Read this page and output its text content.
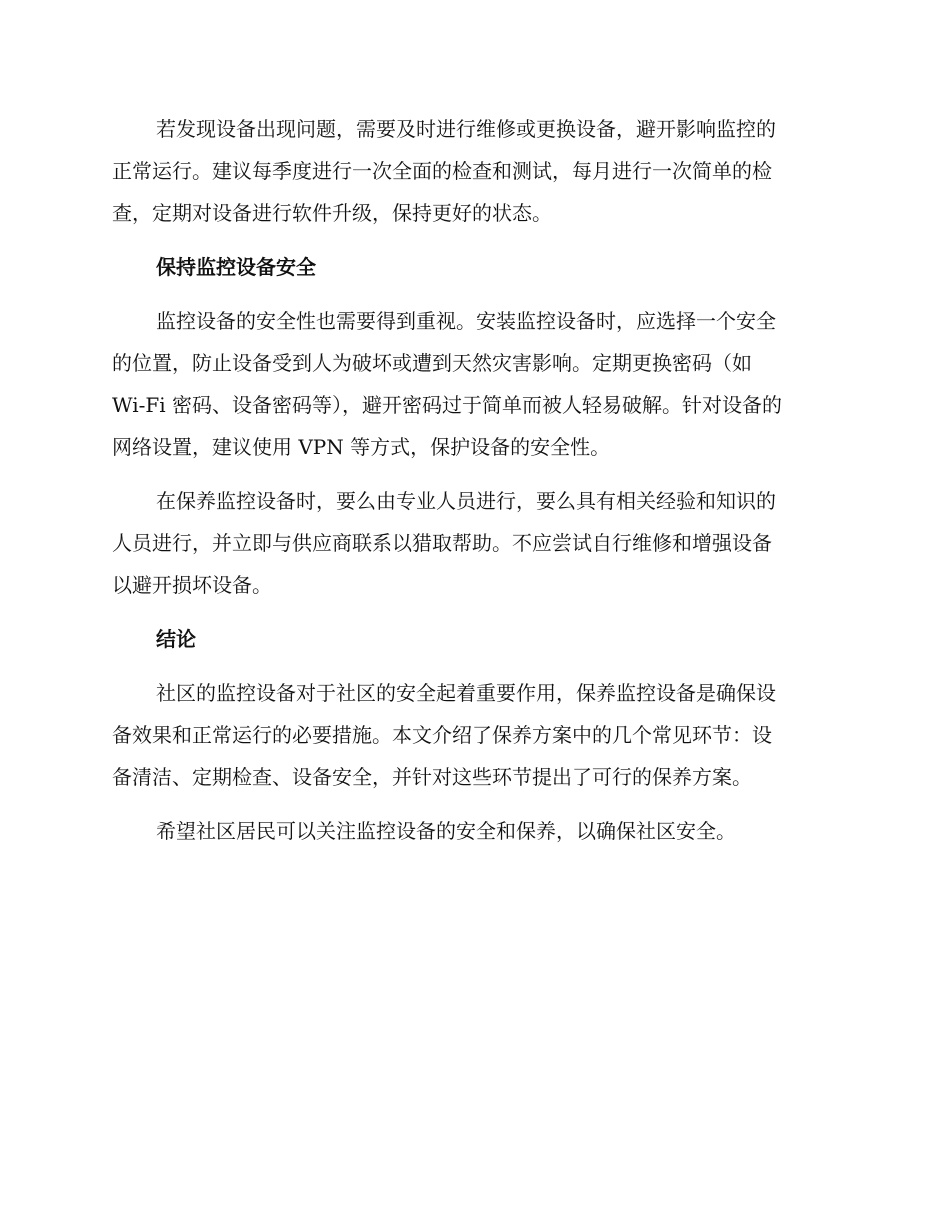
若发现设备出现问题，需要及时进行维修或更换设备，避开影响监控的
正常运行。建议每季度进行一次全面的检查和测试，每月进行一次简单的检
查，定期对设备进行软件升级，保持更好的状态。

保持监控设备安全

监控设备的安全性也需要得到重视。安装监控设备时，应选择一个安全
的位置，防止设备受到人为破坏或遭到天然灾害影响。定期更换密码（如
Wi-Fi 密码、设备密码等），避开密码过于简单而被人轻易破解。针对设备的
网络设置，建议使用 VPN 等方式，保护设备的安全性。

在保养监控设备时，要么由专业人员进行，要么具有相关经验和知识的
人员进行，并立即与供应商联系以猎取帮助。不应尝试自行维修和增强设备
以避开损坏设备。

结论

社区的监控设备对于社区的安全起着重要作用，保养监控设备是确保设
备效果和正常运行的必要措施。本文介绍了保养方案中的几个常见环节：设
备清洁、定期检查、设备安全，并针对这些环节提出了可行的保养方案。

希望社区居民可以关注监控设备的安全和保养，以确保社区安全。
